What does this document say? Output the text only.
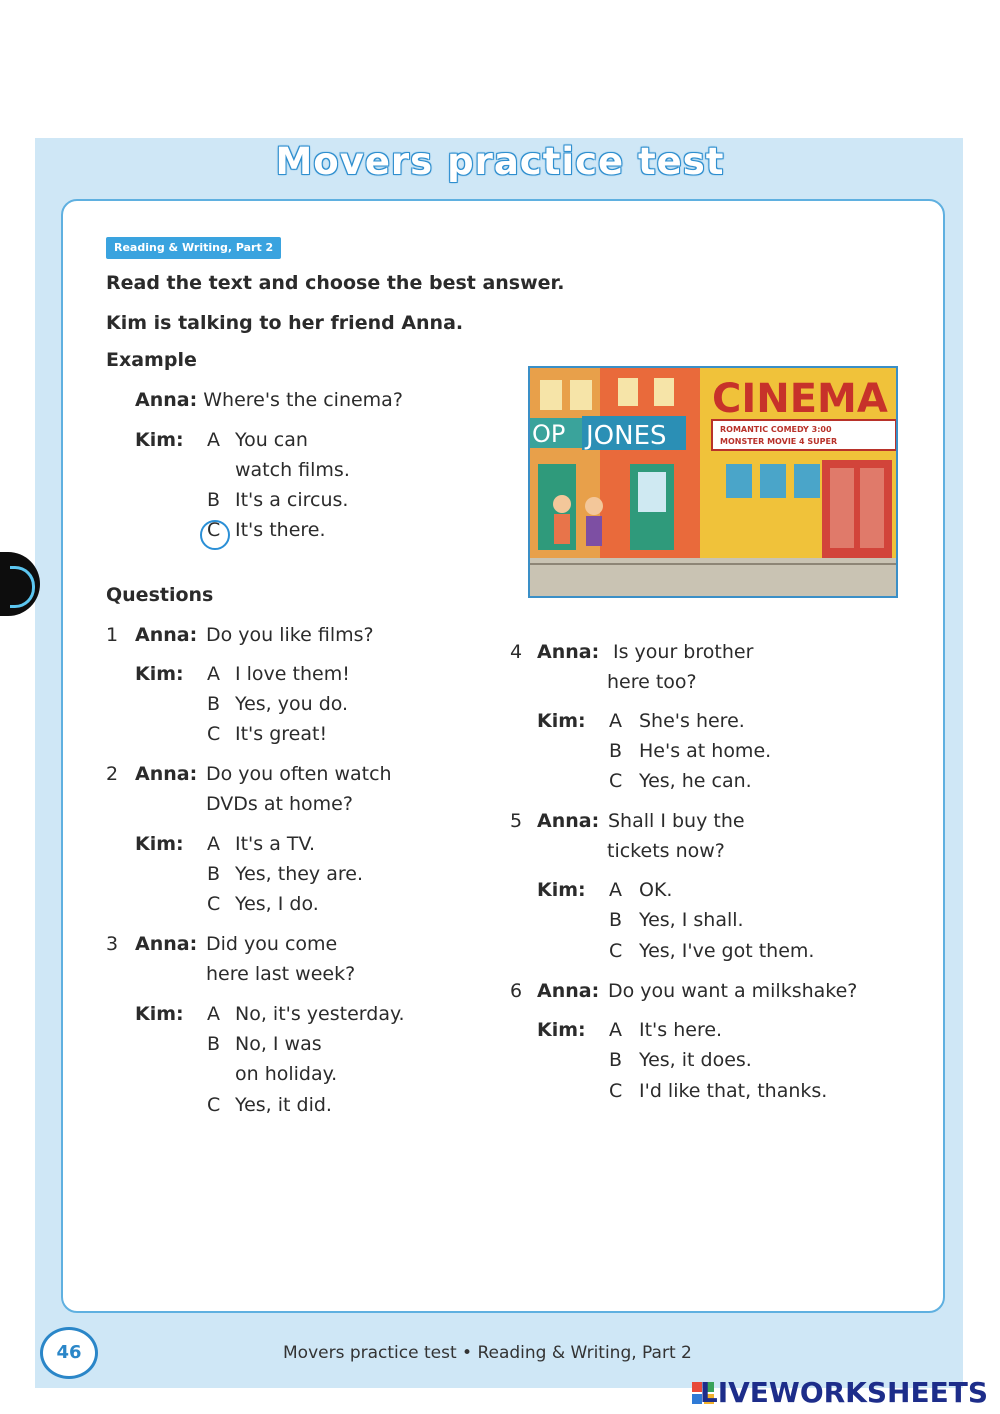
Movers practice test
Reading & Writing, Part 2
Read the text and choose the best answer.
Kim is talking to her friend Anna.
Example
Anna: Where's the cinema?
Kim: A You can
watch films.
B It's a circus.
C It's there.
Questions
1 Anna: Do you like films?
Kim: A I love them!
B Yes, you do.
C It's great!
2 Anna: Do you often watch
DVDs at home?
Kim: A It's a TV.
B Yes, they are.
C Yes, I do.
3 Anna: Did you come
here last week?
Kim: A No, it's yesterday.
B No, I was
on holiday.
C Yes, it did.
CINEMA
OP JONES	ROMANTIC COMEDY 3:00
MONSTER MOVIE 4 SUPER
4 Anna: Is your brother
here too?
Kim: A She's here.
B He's at home.
C Yes, he can.
5 Anna: Shall I buy the
tickets now?
Kim: A OK.
B Yes, I shall.
C Yes, I've got them.
6 Anna: Do you want a milkshake?
Kim: A It's here.
B Yes, it does.
C I'd like that, thanks.
46	Movers practice test • Reading & Writing, Part 2
LIVEWORKSHEETS
